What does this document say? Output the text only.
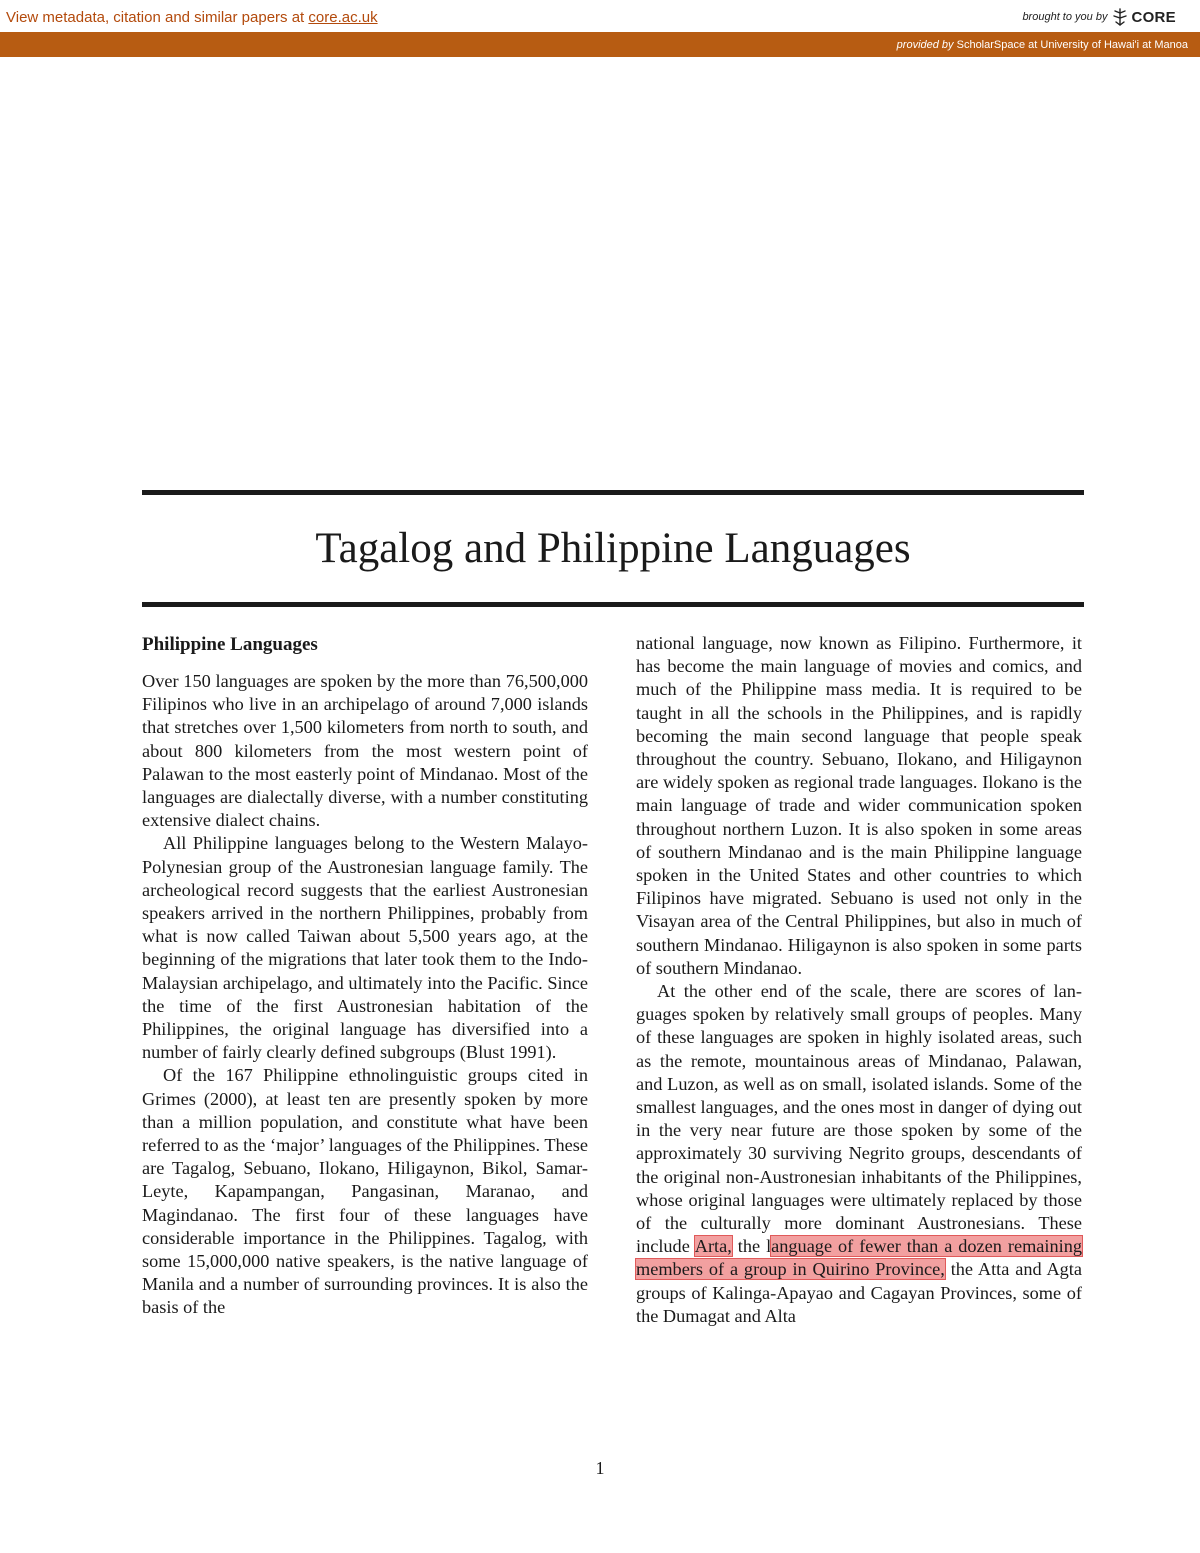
View metadata, citation and similar papers at core.ac.uk	brought to you by CORE
provided by ScholarSpace at University of Hawai'i at Manoa
Tagalog and Philippine Languages
Philippine Languages

Over 150 languages are spoken by the more than 76,500,000 Filipinos who live in an archipelago of around 7,000 islands that stretches over 1,500 kilometers from north to south, and about 800 kilometers from the most western point of Palawan to the most easterly point of Mindanao. Most of the languages are dialectally diverse, with a number constituting extensive dialect chains.

All Philippine languages belong to the Western Malayo-Polynesian group of the Austronesian language family. The archeological record suggests that the earliest Austronesian speakers arrived in the northern Philippines, probably from what is now called Taiwan about 5,500 years ago, at the beginning of the migrations that later took them to the Indo-Malaysian archipelago, and ultimately into the Pacific. Since the time of the first Austronesian habitation of the Philippines, the original language has diversified into a number of fairly clearly defined subgroups (Blust 1991).

Of the 167 Philippine ethnolinguistic groups cited in Grimes (2000), at least ten are presently spoken by more than a million population, and constitute what have been referred to as the ‘major’ languages of the Philippines. These are Tagalog, Sebuano, Ilokano, Hiligaynon, Bikol, Samar-Leyte, Kapampangan, Pangasinan, Maranao, and Magindanao. The first four of these languages have considerable importance in the Philippines. Tagalog, with some 15,000,000 native speakers, is the native language of Manila and a number of surrounding provinces. It is also the basis of the

national language, now known as Filipino. Furthermore, it has become the main language of movies and comics, and much of the Philippine mass media. It is required to be taught in all the schools in the Philippines, and is rapidly becoming the main second language that people speak throughout the country. Sebuano, Ilokano, and Hiligaynon are widely spoken as regional trade languages. Ilokano is the main language of trade and wider communication spoken throughout northern Luzon. It is also spoken in some areas of southern Mindanao and is the main Philippine language spoken in the United States and other countries to which Filipinos have migrated. Sebuano is used not only in the Visayan area of the Central Philippines, but also in much of southern Mindanao. Hiligaynon is also spoken in some parts of southern Mindanao.

At the other end of the scale, there are scores of languages spoken by relatively small groups of peoples. Many of these languages are spoken in highly isolated areas, such as the remote, mountainous areas of Mindanao, Palawan, and Luzon, as well as on small, isolated islands. Some of the smallest languages, and the ones most in danger of dying out in the very near future are those spoken by some of the approximately 30 surviving Negrito groups, descendants of the original non-Austronesian inhabitants of the Philippines, whose original languages were ultimately replaced by those of the culturally more dominant Austronesians. These include Arta, the language of fewer than a dozen remaining members of a group in Quirino Province, the Atta and Agta groups of Kalinga-Apayao and Cagayan Provinces, some of the Dumagat and Alta

1
